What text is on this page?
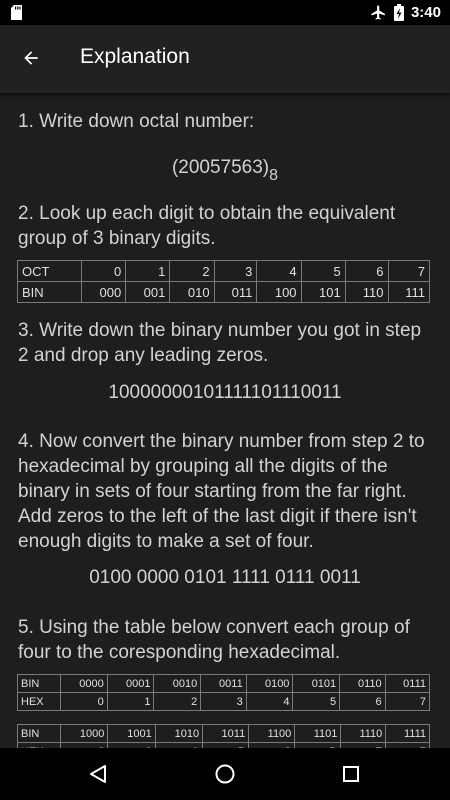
3:40
Explanation
1. Write down octal number:
$(20057563)_8$
2. Look up each digit to obtain the equivalent group of 3 binary digits.
OCT	0	1	2	3	4	5	6	7
BIN	000	001	010	011	100	101	110	111
3. Write down the binary number you got in step 2 and drop any leading zeros.
10000000101111101110011
4. Now convert the binary number from step 2 to hexadecimal by grouping all the digits of the binary in sets of four starting from the far right. Add zeros to the left of the last digit if there isn't enough digits to make a set of four.
0100 0000 0101 1111 0111 0011
5. Using the table below convert each group of four to the coresponding hexadecimal.
BIN	0000	0001	0010	0011	0100	0101	0110	0111
HEX	0	1	2	3	4	5	6	7
BIN	1000	1001	1010	1011	1100	1101	1110	1111
